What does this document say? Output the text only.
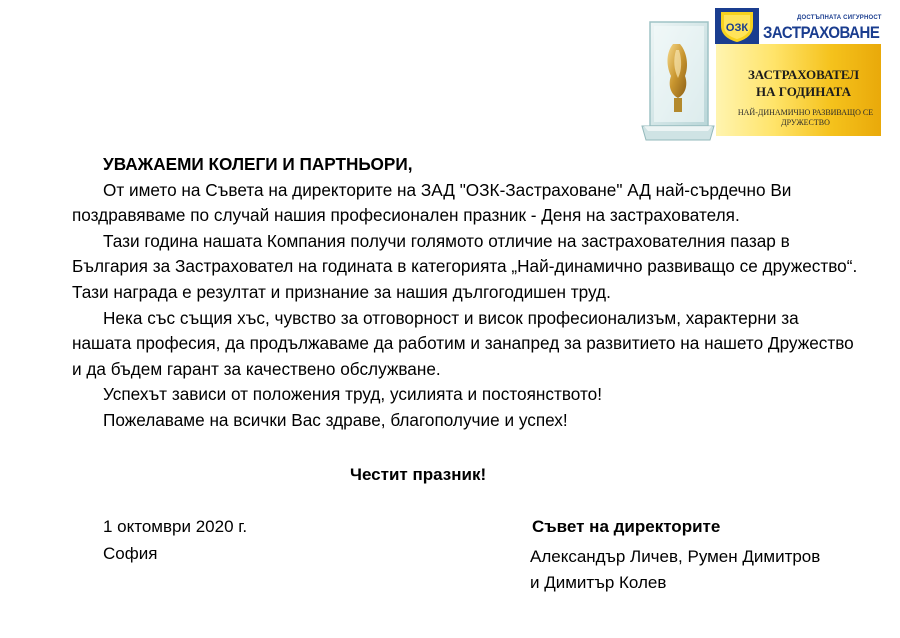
ОЗК
ДОСТЪПНАТА СИГУРНОСТ
ЗАСТРАХОВАНЕ
ЗАСТРАХОВАТЕЛ
НА ГОДИНАТА
НАЙ-ДИНАМИЧНО РАЗВИВАЩО СЕ
ДРУЖЕСТВО

УВАЖАЕМИ КОЛЕГИ И ПАРТНЬОРИ,

От името на Съвета на директорите на ЗАД "ОЗК-Застраховане" АД най-сърдечно Ви поздравяваме по случай нашия професионален празник - Деня на застрахователя.

Тази година нашата Компания получи голямото отличие на застрахователния пазар в България за Застраховател на годината в категорията „Най-динамично развиващо се дружество“. Тази награда е резултат и признание за нашия дългогодишен труд.

Нека със същия хъс, чувство за отговорност и висок професионализъм, характерни за нашата професия, да продължаваме да работим и занапред за развитието на нашето Дружество и да бъдем гарант за качествено обслужване.

Успехът зависи от положения труд, усилията и постоянството!

Пожелаваме на всички Вас здраве, благополучие и успех!

Честит празник!
1 октомври 2020 г.
София
Съвет на директорите
Александър Личев, Румен Димитров
и Димитър Колев
